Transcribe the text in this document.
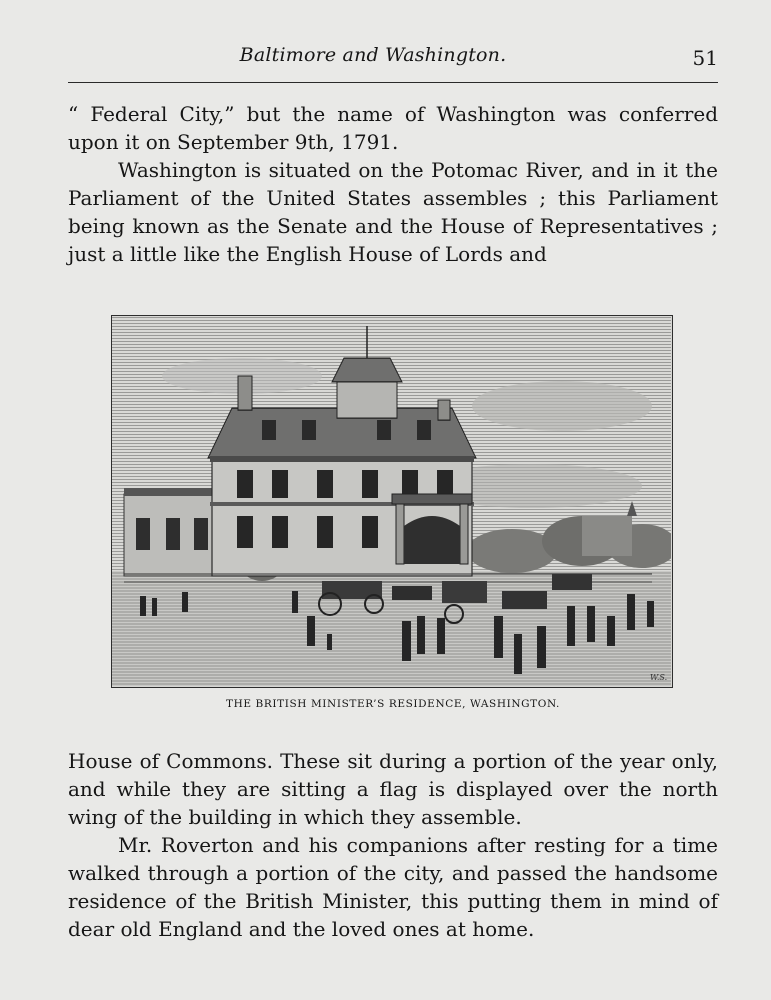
Baltimore and Washington.	51

“ Federal City,” but the name of Washington was conferred upon it on September 9th, 1791.

Washington is situated on the Potomac River, and in it the Parliament of the United States assembles ; this Parliament being known as the Senate and the House of Representatives ; just a little like the English House of Lords and

W.S.
THE BRITISH MINISTER’S RESIDENCE, WASHINGTON.

House of Commons. These sit during a portion of the year only, and while they are sitting a flag is displayed over the north wing of the building in which they assemble.

Mr. Roverton and his companions after resting for a time walked through a portion of the city, and passed the handsome residence of the British Minister, this putting them in mind of dear old England and the loved ones at home.
